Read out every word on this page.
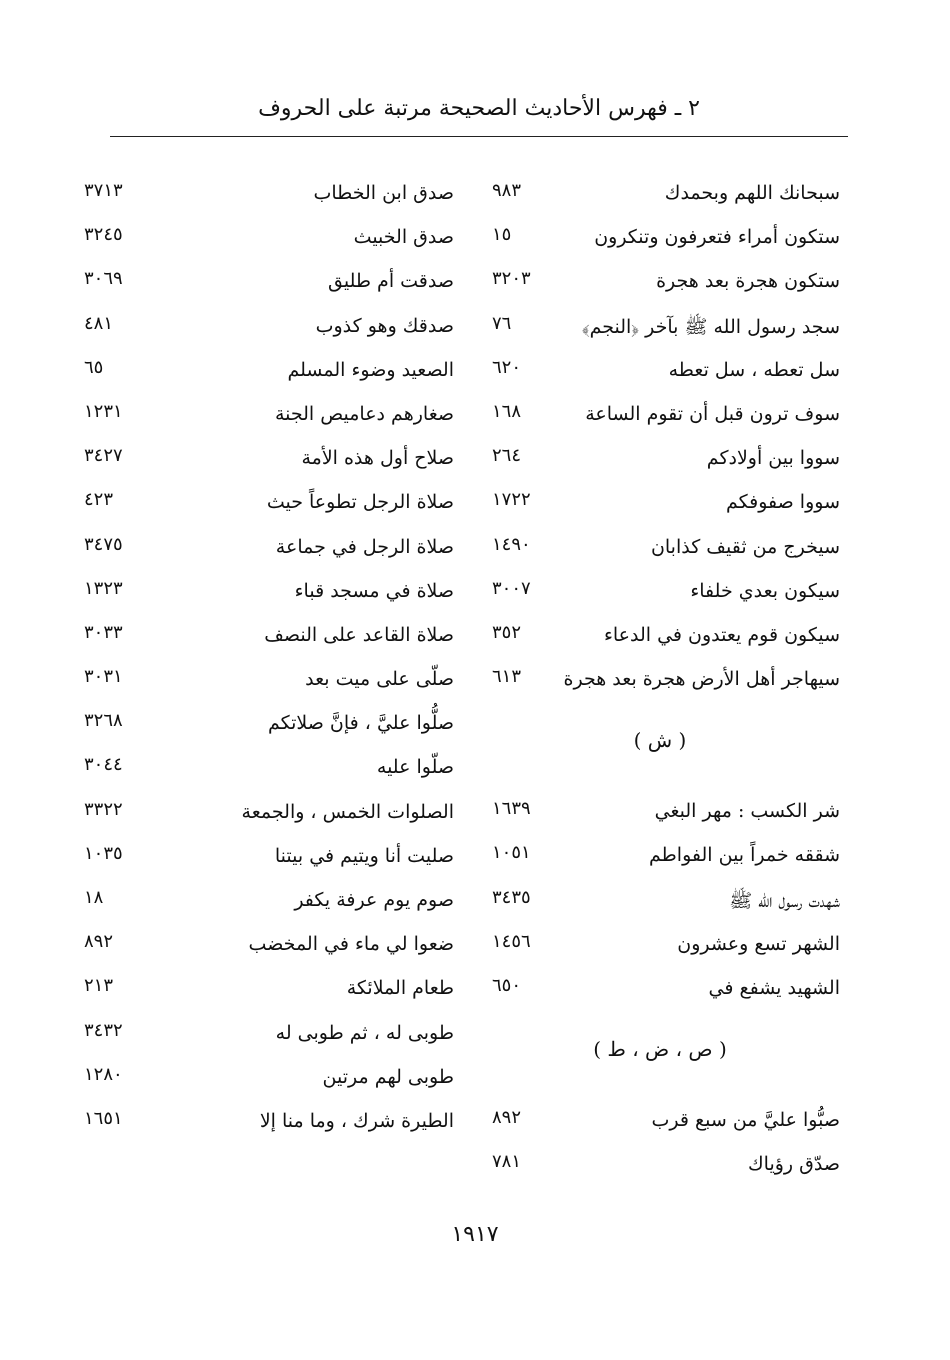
٢ ـ فهرس الأحاديث الصحيحة مرتبة على الحروف
سبحانك اللهم وبحمدك
٩٨٣
ستكون أمراء فتعرفون وتنكرون
١٥
ستكون هجرة بعد هجرة
٣٢٠٣
سجد رسول الله ﷺ بآخر ﴿النجم﴾
٧٦
سل تعطه ، سل تعطه
٦٢٠
سوف ترون قبل أن تقوم الساعة
١٦٨
سووا بين أولادكم
٢٦٤
سووا صفوفكم
١٧٢٢
سيخرج من ثقيف كذابان
١٤٩٠
سيكون بعدي خلفاء
٣٠٠٧
سيكون قوم يعتدون في الدعاء
٣٥٢
سيهاجر أهل الأرض هجرة بعد هجرة
٦١٣
( ش )
شر الكسب : مهر البغي
١٦٣٩
شققه خمراً بين الفواطم
١٠٥١
شهدت رسول الله ﷺ
٣٤٣٥
الشهر تسع وعشرون
١٤٥٦
الشهيد يشفع في
٦٥٠
( ص ، ض ، ط )
صبُّوا عليَّ من سبع قرب
٨٩٢
صدّق رؤياك
٧٨١
صدق ابن الخطاب
٣٧١٣
صدق الخبيث
٣٢٤٥
صدقت أم طليق
٣٠٦٩
صدقك وهو كذوب
٤٨١
الصعيد وضوء المسلم
٦٥
صغارهم دعاميص الجنة
١٢٣١
صلاح أول هذه الأمة
٣٤٢٧
صلاة الرجل تطوعاً حيث
٤٢٣
صلاة الرجل في جماعة
٣٤٧٥
صلاة في مسجد قباء
١٣٢٣
صلاة القاعد على النصف
٣٠٣٣
صلّى على ميت بعد
٣٠٣١
صلُّوا عليَّ ، فإنَّ صلاتكم
٣٢٦٨
صلّوا عليه
٣٠٤٤
الصلوات الخمس ، والجمعة
٣٣٢٢
صليت أنا ويتيم في بيتنا
١٠٣٥
صوم يوم عرفة يكفر
١٨
ضعوا لي ماء في المخضب
٨٩٢
طعام الملائكة
٢١٣
طوبى له ، ثم طوبى له
٣٤٣٢
طوبى لهم مرتين
١٢٨٠
الطيرة شرك ، وما منا إلا
١٦٥١
١٩١٧
